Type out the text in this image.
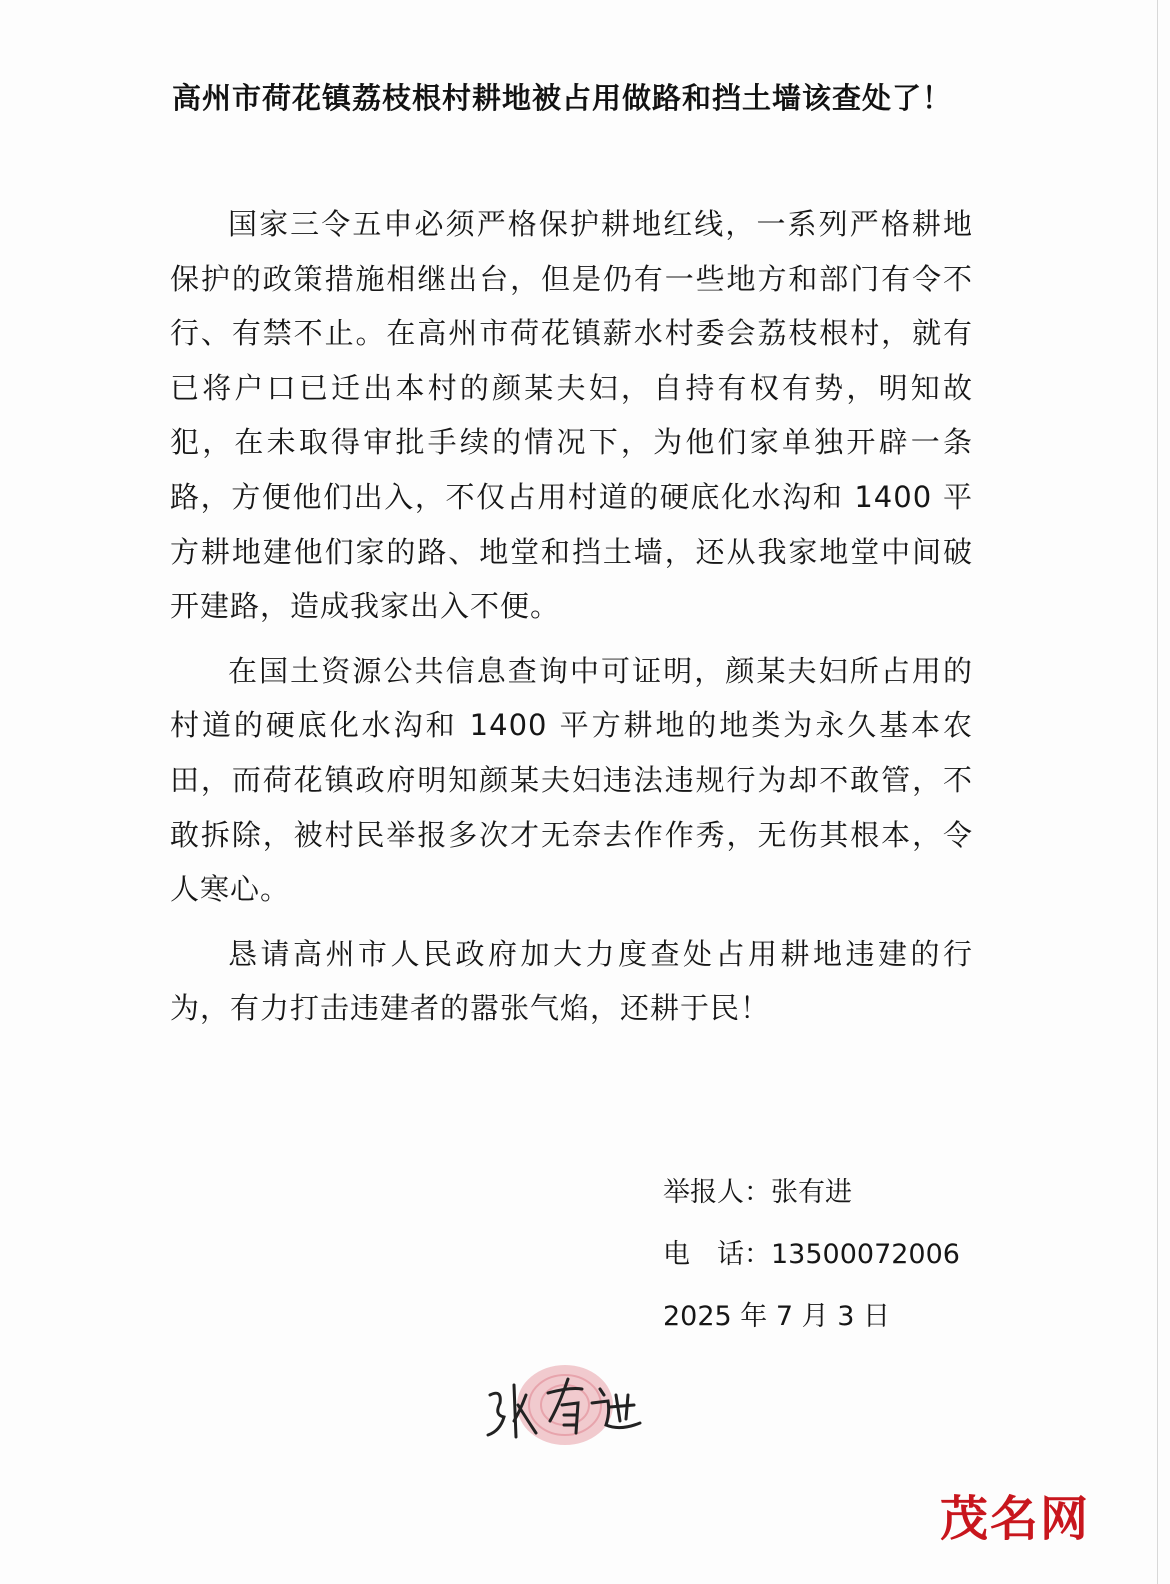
高州市荷花镇荔枝根村耕地被占用做路和挡土墙该查处了！

国家三令五申必须严格保护耕地红线，一系列严格耕地保护的政策措施相继出台，但是仍有一些地方和部门有令不行、有禁不止。在高州市荷花镇薪水村委会荔枝根村，就有已将户口已迁出本村的颜某夫妇，自持有权有势，明知故犯，在未取得审批手续的情况下，为他们家单独开辟一条路，方便他们出入，不仅占用村道的硬底化水沟和 1400 平方耕地建他们家的路、地堂和挡土墙，还从我家地堂中间破开建路，造成我家出入不便。

在国土资源公共信息查询中可证明，颜某夫妇所占用的村道的硬底化水沟和 1400 平方耕地的地类为永久基本农田，而荷花镇政府明知颜某夫妇违法违规行为却不敢管，不敢拆除，被村民举报多次才无奈去作作秀，无伤其根本，令人寒心。

恳请高州市人民政府加大力度查处占用耕地违建的行为，有力打击违建者的嚣张气焰，还耕于民！

举报人：张有进
电　话：13500072006
2025 年 7 月 3 日
茂名网
